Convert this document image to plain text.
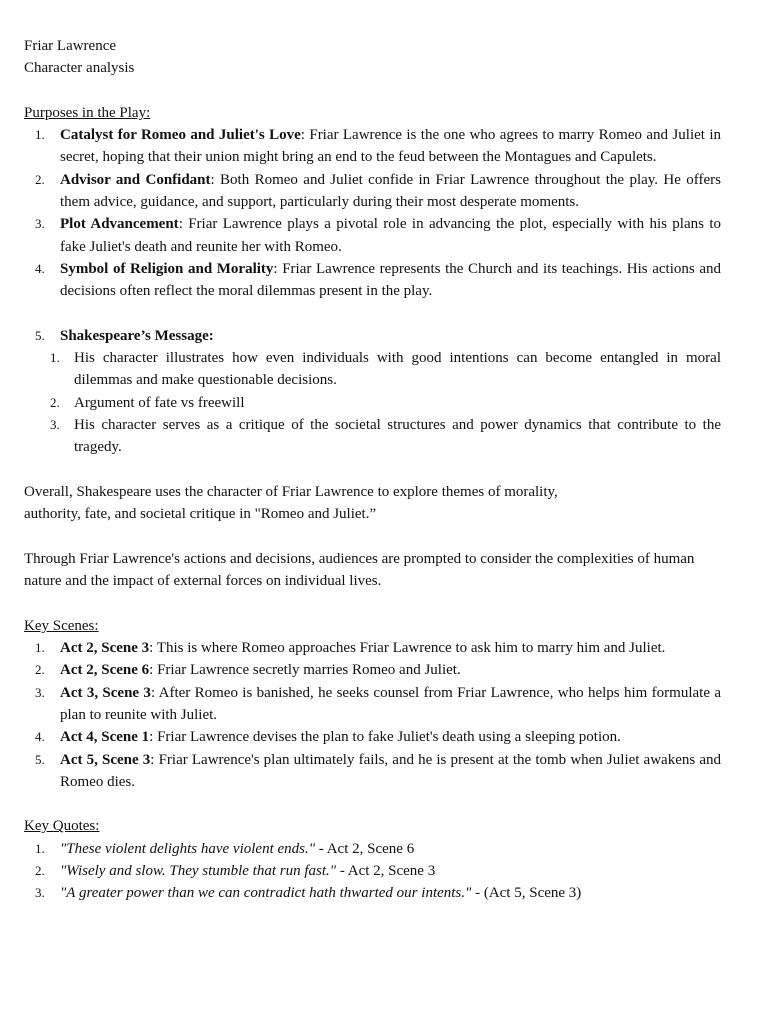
Friar Lawrence

Character analysis

Purposes in the Play:

1.	Catalyst for Romeo and Juliet's Love: Friar Lawrence is the one who agrees to marry Romeo and Juliet in secret, hoping that their union might bring an end to the feud between the Montagues and Capulets.
2.	Advisor and Confidant: Both Romeo and Juliet confide in Friar Lawrence throughout the play. He offers them advice, guidance, and support, particularly during their most desperate moments.
3.	Plot Advancement: Friar Lawrence plays a pivotal role in advancing the plot, especially with his plans to fake Juliet's death and reunite her with Romeo.
4.	Symbol of Religion and Morality: Friar Lawrence represents the Church and its teachings. His actions and decisions often reflect the moral dilemmas present in the play.
5.	Shakespeare’s Message:
1. His character illustrates how even individuals with good intentions can become entangled in moral dilemmas and make questionable decisions.
2. Argument of fate vs freewill
3. His character serves as a critique of the societal structures and power dynamics that contribute to the tragedy.

Overall, Shakespeare uses the character of Friar Lawrence to explore themes of morality,

authority, fate, and societal critique in "Romeo and Juliet.”

Through Friar Lawrence's actions and decisions, audiences are prompted to consider the complexities of human nature and the impact of external forces on individual lives.

Key Scenes:

1.	Act 2, Scene 3: This is where Romeo approaches Friar Lawrence to ask him to marry him and Juliet.
2.	Act 2, Scene 6: Friar Lawrence secretly marries Romeo and Juliet.
3.	Act 3, Scene 3: After Romeo is banished, he seeks counsel from Friar Lawrence, who helps him formulate a plan to reunite with Juliet.
4.	Act 4, Scene 1: Friar Lawrence devises the plan to fake Juliet's death using a sleeping potion.
5.	Act 5, Scene 3: Friar Lawrence's plan ultimately fails, and he is present at the tomb when Juliet awakens and Romeo dies.

Key Quotes:

1.	"These violent delights have violent ends." - Act 2, Scene 6
2.	"Wisely and slow. They stumble that run fast." - Act 2, Scene 3
3.	"A greater power than we can contradict hath thwarted our intents." - (Act 5, Scene 3)
